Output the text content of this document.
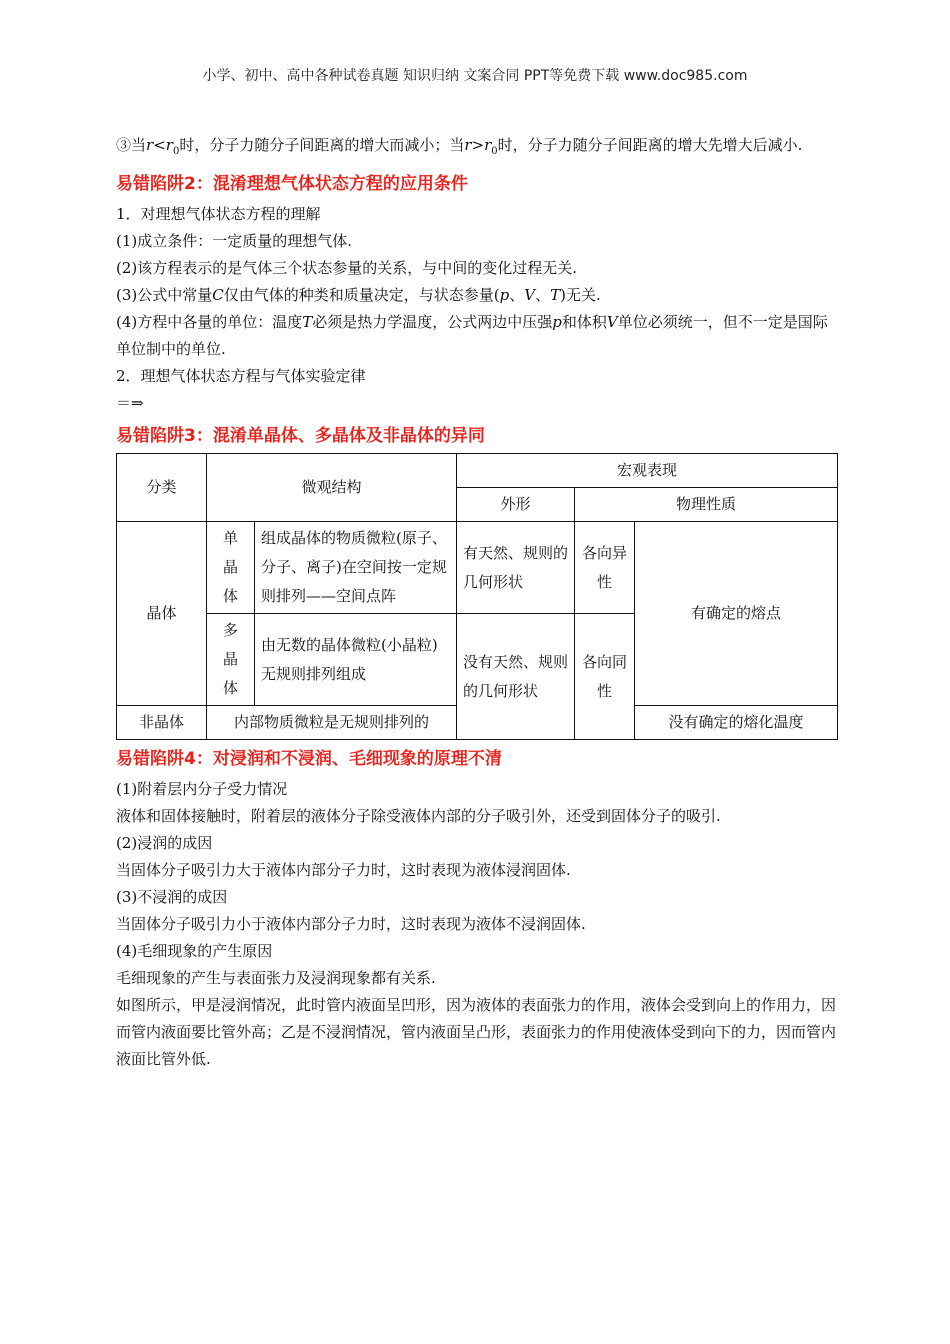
小学、初中、高中各种试卷真题 知识归纳 文案合同 PPT等免费下载 www.doc985.com

③当$r<r_0$时，分子力随分子间距离的增大而减小；当$r>r_0$时，分子力随分子间距离的增大先增大后减小.

易错陷阱2：混淆理想气体状态方程的应用条件

1．对理想气体状态方程的理解

(1)成立条件：一定质量的理想气体.

(2)该方程表示的是气体三个状态参量的关系，与中间的变化过程无关.

(3)公式中常量C仅由气体的种类和质量决定，与状态参量(p、V、T)无关.

(4)方程中各量的单位：温度T必须是热力学温度，公式两边中压强p和体积V单位必须统一，但不一定是国际单位制中的单位.

2．理想气体状态方程与气体实验定律

＝⇒

易错陷阱3：混淆单晶体、多晶体及非晶体的异同
分类	微观结构		宏观表现		
			外形	物理性质	
晶体	单
晶
体	组成晶体的物质微粒(原子、分子、离子)在空间按一定规则排列——空间点阵	有天然、规则的几何形状	各向异性	有确定的熔点

	多
晶
体	由无数的晶体微粒(小晶粒)无规则排列组成	没有天然、规则的几何形状	各向同性	
非晶体	内部物质微粒是无规则排列的				没有确定的熔化温度
易错陷阱4：对浸润和不浸润、毛细现象的原理不清

(1)附着层内分子受力情况

液体和固体接触时，附着层的液体分子除受液体内部的分子吸引外，还受到固体分子的吸引.

(2)浸润的成因

当固体分子吸引力大于液体内部分子力时，这时表现为液体浸润固体.

(3)不浸润的成因

当固体分子吸引力小于液体内部分子力时，这时表现为液体不浸润固体.

(4)毛细现象的产生原因

毛细现象的产生与表面张力及浸润现象都有关系.

如图所示，甲是浸润情况，此时管内液面呈凹形，因为液体的表面张力的作用，液体会受到向上的作用力，因而管内液面要比管外高；乙是不浸润情况，管内液面呈凸形，表面张力的作用使液体受到向下的力，因而管内液面比管外低.
